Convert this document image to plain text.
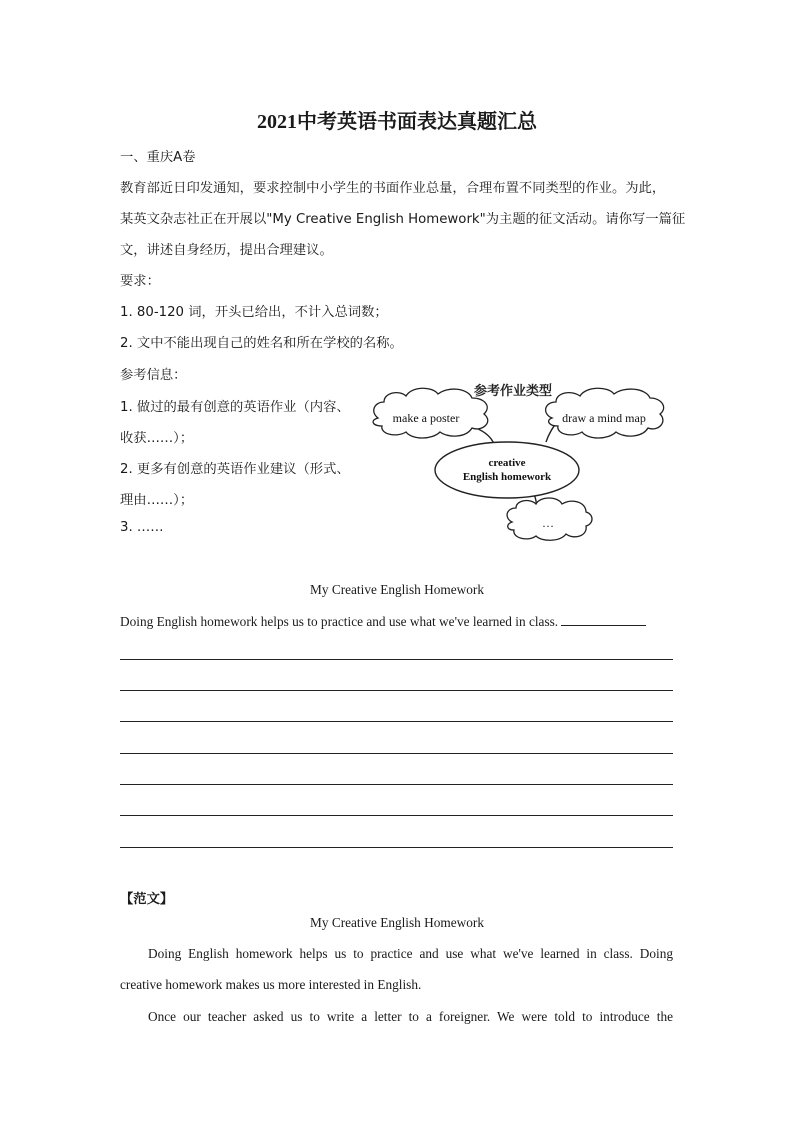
2021中考英语书面表达真题汇总
一、重庆A卷
教育部近日印发通知，要求控制中小学生的书面作业总量，合理布置不同类型的作业。为此，
某英文杂志社正在开展以"My Creative English Homework"为主题的征文活动。请你写一篇征
文，讲述自身经历，提出合理建议。
要求：
1. 80-120 词，开头已给出，不计入总词数；
2. 文中不能出现自己的姓名和所在学校的名称。
参考信息：
1. 做过的最有创意的英语作业（内容、
收获……）；
2. 更多有创意的英语作业建议（形式、
理由……）；
3. ……
参考作业类型
make a poster	draw a mind map
creative
English homework
…
My Creative English Homework
Doing English homework helps us to practice and use what we've learned in class.
【范文】
My Creative English Homework
Doing English homework helps us to practice and use what we've learned in class. Doing
creative homework makes us more interested in English.
Once our teacher asked us to write a letter to a foreigner. We were told to introduce the
